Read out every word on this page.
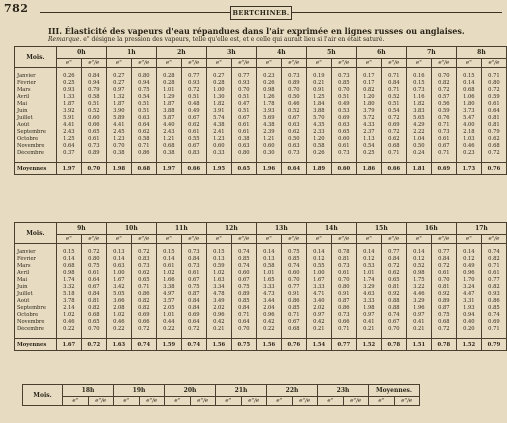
782	BERTCHINEB.
III. Élasticité des vapeurs d'eau répandues dans l'air exprimée en lignes russes ou anglaises.
Remarque. e" désigne la pression des vapeurs, telle qu'elle est, et e celle qui aurait lieu si l'air en était saturé.
Mois.	0h		1h		2h		3h		4h		5h		6h		7h		8h	
	e"	e"/e	e"	e"/e	e"	e"/e	e"	e"/e	e"	e"/e	e"	e"/e	e"	e"/e	e"	e"/e	e"	e"/e

Janvier	0.26	0.84	0.27	0.80	0.28	0.77	0.27	0.77	0.23	0.73	0.19	0.73	0.17	0.71	0.16	0.70	0.15	0.71
Février	0.25	0.94	0.27	0.94	0.28	0.93	0.28	0.93	0.26	0.89	0.21	0.85	0.17	0.84	0.15	0.82	0.14	0.80
Mars	0.93	0.79	0.97	0.75	1.01	0.72	1.00	0.70	0.98	0.70	0.91	0.70	0.82	0.71	0.73	0.72	0.68	0.72
Avril	1.33	0.58	1.32	0.54	1.29	0.51	1.30	0.51	1.26	0.50	1.25	0.51	1.20	0.52	1.16	0.57	1.06	0.59
Mai	1.87	0.51	1.87	0.51	1.87	0.48	1.82	0.47	1.78	0.46	1.84	0.49	1.80	0.51	1.82	0.56	1.80	0.61
Juin	3.92	0.52	3.90	0.51	3.88	0.49	3.91	0.51	3.93	0.52	3.88	0.53	3.79	0.54	3.83	0.59	3.73	0.64
Juillet	5.91	0.60	5.89	0.63	5.87	0.67	5.74	0.67	5.69	0.67	5.70	0.69	5.72	0.72	5.65	0.76	5.47	0.81
Août	4.41	0.66	4.41	0.64	4.40	0.62	4.38	0.61	4.38	0.63	4.35	0.63	4.33	0.69	4.29	0.71	4.00	0.81
Septembre	2.43	0.65	2.45	0.62	2.43	0.61	2.41	0.61	2.39	0.62	2.33	0.65	2.37	0.72	2.22	0.73	2.18	0.79
Octobre	1.25	0.61	1.23	0.58	1.21	0.55	1.23	0.38	1.21	0.50	1.20	0.60	1.13	0.62	1.04	0.61	1.03	0.62
Novembre	0.64	0.73	0.70	0.71	0.68	0.67	0.60	0.63	0.60	0.63	0.58	0.61	0.54	0.68	0.50	0.67	0.46	0.68
Décembre	0.37	0.89	0.38	0.86	0.38	0.83	0.33	0.80	0.30	0.73	0.26	0.73	0.25	0.71	0.24	0.71	0.23	0.72

Moyennes	1.97	0.70	1.98	0.68	1.97	0.66	1.95	0.65	1.96	0.64	1.89	0.60	1.86	0.66	1.81	0.69	1.73	0.76
Mois.	9h		10h		11h		12h		13h		14h		15h		16h		17h	
	e"	e"/e	e"	e"/e	e"	e"/e	e"	e"/e	e"	e"/e	e"	e"/e	e"	e"/e	e"	e"/e	e"	e"/e

Janvier	0.15	0.72	0.13	0.72	0.15	0.73	0.15	0.74	0.14	0.75	0.14	0.78	0.14	0.77	0.14	0.77	0.14	0.74
Février	0.14	0.80	0.14	0.83	0.14	0.84	0.13	0.85	0.13	0.85	0.12	0.81	0.12	0.84	0.12	0.84	0.12	0.82
Mars	0.68	0.75	0.63	0.73	0.61	0.73	0.59	0.74	0.58	0.74	0.55	0.73	0.53	0.72	0.52	0.72	0.49	0.71
Avril	0.98	0.61	1.00	0.62	1.02	0.61	1.02	0.60	1.01	0.60	1.00	0.61	1.01	0.62	0.98	0.61	0.96	0.61
Mai	1.74	0.64	1.67	0.65	1.66	0.67	1.63	0.67	1.65	0.70	1.67	0.70	1.74	0.65	1.75	0.70	1.70	0.77
Juin	3.32	0.67	3.42	0.71	3.38	0.75	3.34	0.75	3.33	0.77	3.33	0.80	3.29	0.81	3.22	0.81	3.24	0.82
Juillet	5.18	0.84	5.05	0.86	4.97	0.87	4.78	0.89	4.73	0.91	4.71	0.91	4.63	0.92	4.46	0.92	4.47	0.93
Août	3.78	0.81	3.66	0.82	3.57	0.84	3.49	0.85	3.44	0.86	3.40	0.87	3.33	0.88	3.29	0.89	3.31	0.86
Septembre	2.14	0.82	2.08	0.82	2.05	0.84	2.02	0.84	2.04	0.85	2.02	0.86	1.98	0.88	1.96	0.87	1.93	0.85
Octobre	1.02	0.68	1.02	0.69	1.01	0.69	0.96	0.71	0.96	0.71	0.97	0.73	0.97	0.74	0.97	0.75	0.94	0.74
Novembre	0.46	0.65	0.46	0.66	0.44	0.64	0.42	0.64	0.42	0.67	0.42	0.66	0.41	0.67	0.41	0.68	0.40	0.69
Décembre	0.22	0.70	0.22	0.72	0.22	0.72	0.21	0.70	0.22	0.68	0.21	0.71	0.21	0.70	0.21	0.72	0.20	0.71

Moyennes	1.67	0.72	1.63	0.74	1.59	0.74	1.56	0.75	1.56	0.76	1.54	0.77	1.52	0.78	1.51	0.78	1.52	0.79
Mois.	18h		19h		20h		21h		22h		23h		Moyennes.	
	e"	e"/e	e"	e"/e	e"	e"/e	e"	e"/e	e"	e"/e	e"	e"/e	e"	e"/e
